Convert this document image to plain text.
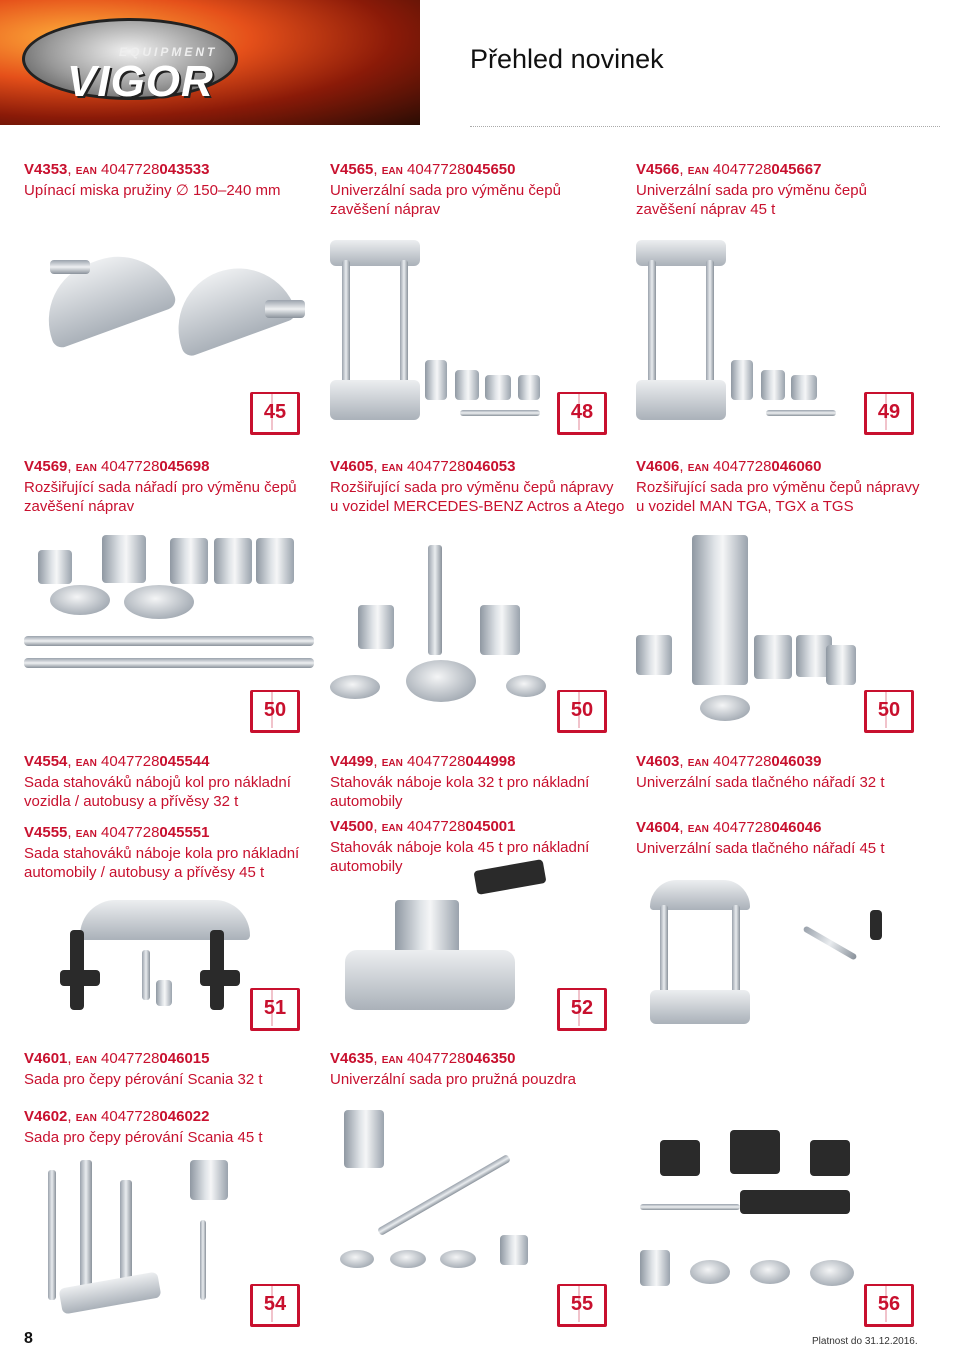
EQUIPMENT
VIGOR	Přehled novinek
V4353, EAN 4047728043533
Upínací miska pružiny ∅ 150–240 mm
V4565, EAN 4047728045650
Univerzální sada pro výměnu čepů zavěšení náprav
V4566, EAN 4047728045667
Univerzální sada pro výměnu čepů zavěšení náprav 45 t
45	48	49
V4569, EAN 4047728045698
Rozšiřující sada nářadí pro výměnu čepů zavěšení náprav
V4605, EAN 4047728046053
Rozšiřující sada pro výměnu čepů nápravy u vozidel MERCEDES-BENZ Actros a Atego
V4606, EAN 4047728046060
Rozšiřující sada pro výměnu čepů nápravy u vozidel MAN TGA, TGX a TGS
50	50	50
V4554, EAN 4047728045544
Sada stahováků nábojů kol pro nákladní vozidla / autobusy a přívěsy 32 t
V4555, EAN 4047728045551
Sada stahováků náboje kola pro nákladní automobily / autobusy a přívěsy 45 t
V4499, EAN 4047728044998
Stahovák náboje kola 32 t pro nákladní automobily
V4500, EAN 4047728045001
Stahovák náboje kola 45 t pro nákladní automobily
V4603, EAN 4047728046039
Univerzální sada tlačného nářadí 32 t
V4604, EAN 4047728046046
Univerzální sada tlačného nářadí 45 t
51	52
V4601, EAN 4047728046015
Sada pro čepy pérování Scania 32 t
V4602, EAN 4047728046022
Sada pro čepy pérování Scania 45 t
V4635, EAN 4047728046350
Univerzální sada pro pružná pouzdra
54	55	56
8	Platnost do 31.12.2016.
